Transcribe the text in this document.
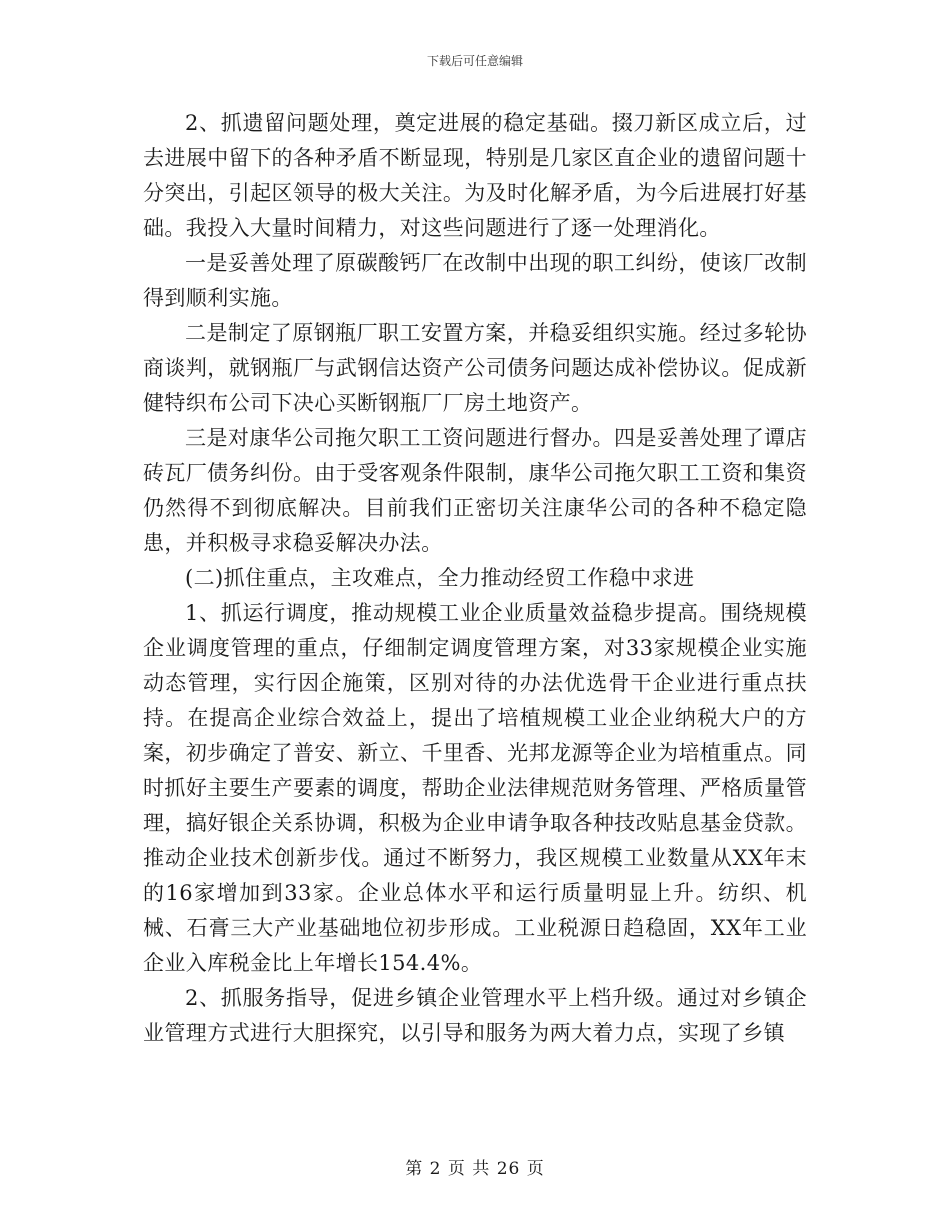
下载后可任意编辑

2、抓遗留问题处理，奠定进展的稳定基础。掇刀新区成立后，过去进展中留下的各种矛盾不断显现，特别是几家区直企业的遗留问题十分突出，引起区领导的极大关注。为及时化解矛盾，为今后进展打好基础。我投入大量时间精力，对这些问题进行了逐一处理消化。

一是妥善处理了原碳酸钙厂在改制中出现的职工纠纷，使该厂改制得到顺利实施。

二是制定了原钢瓶厂职工安置方案，并稳妥组织实施。经过多轮协商谈判，就钢瓶厂与武钢信达资产公司债务问题达成补偿协议。促成新健特织布公司下决心买断钢瓶厂厂房土地资产。

三是对康华公司拖欠职工工资问题进行督办。四是妥善处理了谭店砖瓦厂债务纠份。由于受客观条件限制，康华公司拖欠职工工资和集资仍然得不到彻底解决。目前我们正密切关注康华公司的各种不稳定隐患，并积极寻求稳妥解决办法。

(二)抓住重点，主攻难点，全力推动经贸工作稳中求进

1、抓运行调度，推动规模工业企业质量效益稳步提高。围绕规模企业调度管理的重点，仔细制定调度管理方案，对33家规模企业实施动态管理，实行因企施策，区别对待的办法优选骨干企业进行重点扶持。在提高企业综合效益上，提出了培植规模工业企业纳税大户的方案，初步确定了普安、新立、千里香、光邦龙源等企业为培植重点。同时抓好主要生产要素的调度，帮助企业法律规范财务管理、严格质量管理，搞好银企关系协调，积极为企业申请争取各种技改贴息基金贷款。推动企业技术创新步伐。通过不断努力，我区规模工业数量从XX年末的16家增加到33家。企业总体水平和运行质量明显上升。纺织、机械、石膏三大产业基础地位初步形成。工业税源日趋稳固，XX年工业企业入库税金比上年增长154.4%。

2、抓服务指导，促进乡镇企业管理水平上档升级。通过对乡镇企业管理方式进行大胆探究，以引导和服务为两大着力点，实现了乡镇

第 2 页 共 26 页
